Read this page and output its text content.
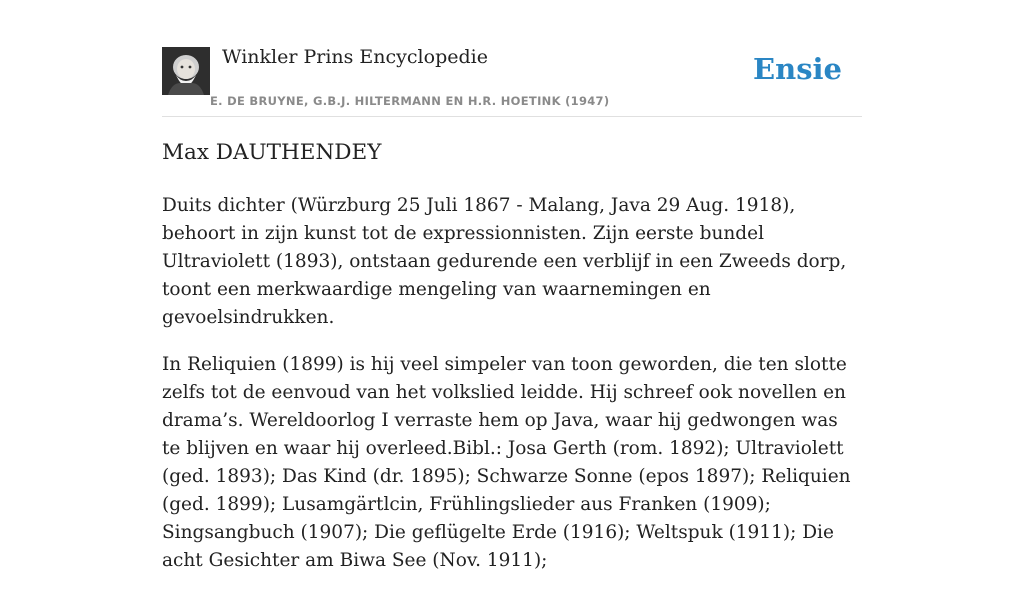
Winkler Prins Encyclopedie
E. DE BRUYNE, G.B.J. HILTERMANN EN H.R. HOETINK (1947)
Ensie
Max DAUTHENDEY

Duits dichter (Würzburg 25 Juli 1867 - Malang, Java 29 Aug. 1918), behoort in zijn kunst tot de expressionnisten. Zijn eerste bundel Ultraviolett (1893), ontstaan gedurende een verblijf in een Zweeds dorp, toont een merkwaardige mengeling van waarnemingen en gevoelsindrukken.

In Reliquien (1899) is hij veel simpeler van toon geworden, die ten slotte zelfs tot de eenvoud van het volkslied leidde. Hij schreef ook novellen en drama’s. Wereldoorlog I verraste hem op Java, waar hij gedwongen was te blijven en waar hij overleed.Bibl.: Josa Gerth (rom. 1892); Ultraviolett (ged. 1893); Das Kind (dr. 1895); Schwarze Sonne (epos 1897); Reliquien (ged. 1899); Lusamgärtlcin, Frühlingslieder aus Franken (1909); Singsangbuch (1907); Die geflügelte Erde (1916); Weltspuk (1911); Die acht Gesichter am Biwa See (Nov. 1911);
